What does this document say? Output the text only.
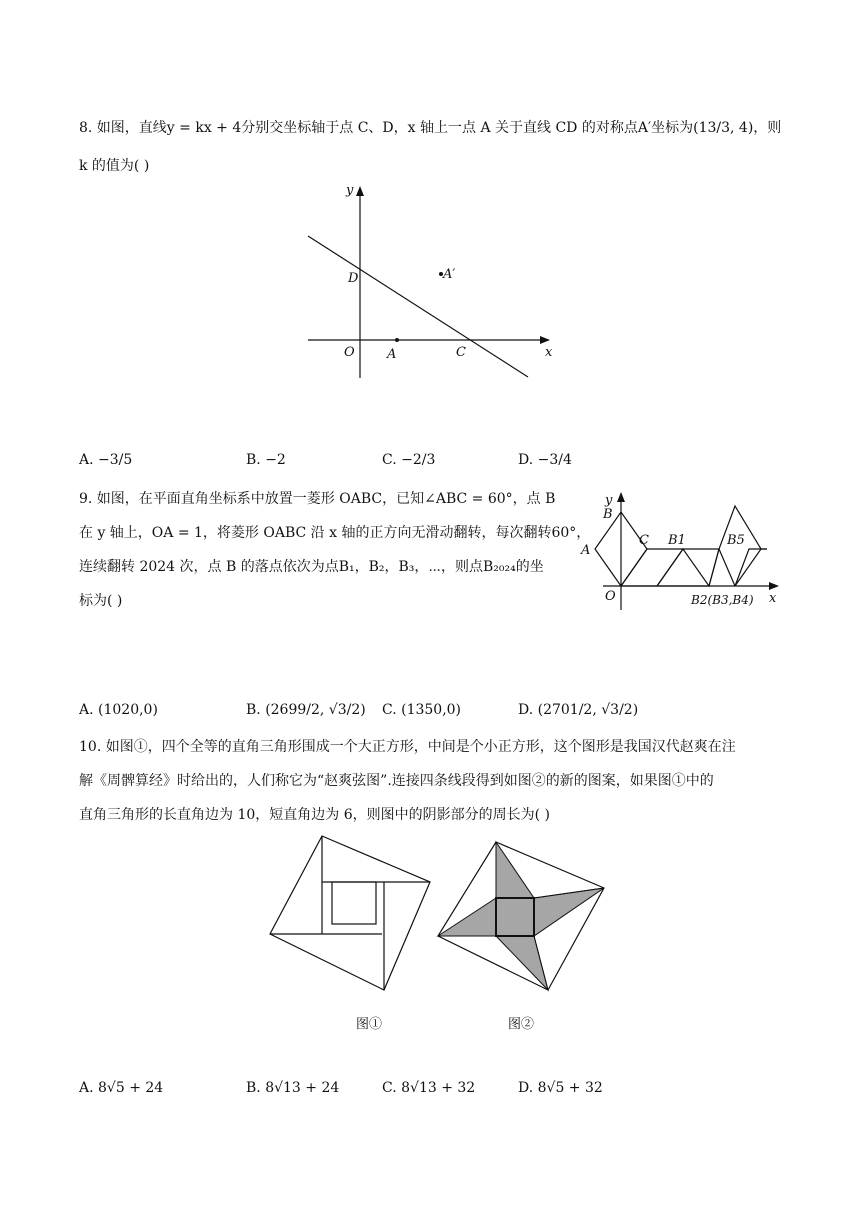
8. 如图，直线y = kx + 4分别交坐标轴于点 C、D，x 轴上一点 A 关于直线 CD 的对称点A′坐标为(13/3, 4)，则
k 的值为( )
y
x
D
O A	C
A′
A. −3/5	B. −2	C. −2/3	D. −3/4
9. 如图，在平面直角坐标系中放置一菱形 OABC，已知∠ABC = 60°，点 B
在 y 轴上，OA = 1，将菱形 OABC 沿 x 轴的正方向无滑动翻转，每次翻转60°，
连续翻转 2024 次，点 B 的落点依次为点B₁，B₂，B₃，⋯，则点B₂₀₂₄的坐
标为( )
y
x
B
A
C
O
B1	B5
B2(B3,B4)
A. (1020,0)	B. (2699/2, √3/2) C. (1350,0)	D. (2701/2, √3/2)
10. 如图①，四个全等的直角三角形围成一个大正方形，中间是个小正方形，这个图形是我国汉代赵爽在注
解《周髀算经》时给出的，人们称它为“赵爽弦图”.连接四条线段得到如图②的新的图案，如果图①中的
直角三角形的长直角边为 10，短直角边为 6，则图中的阴影部分的周长为( )
图①	图②
A. 8√5 + 24	B. 8√13 + 24	C. 8√13 + 32	D. 8√5 + 32
